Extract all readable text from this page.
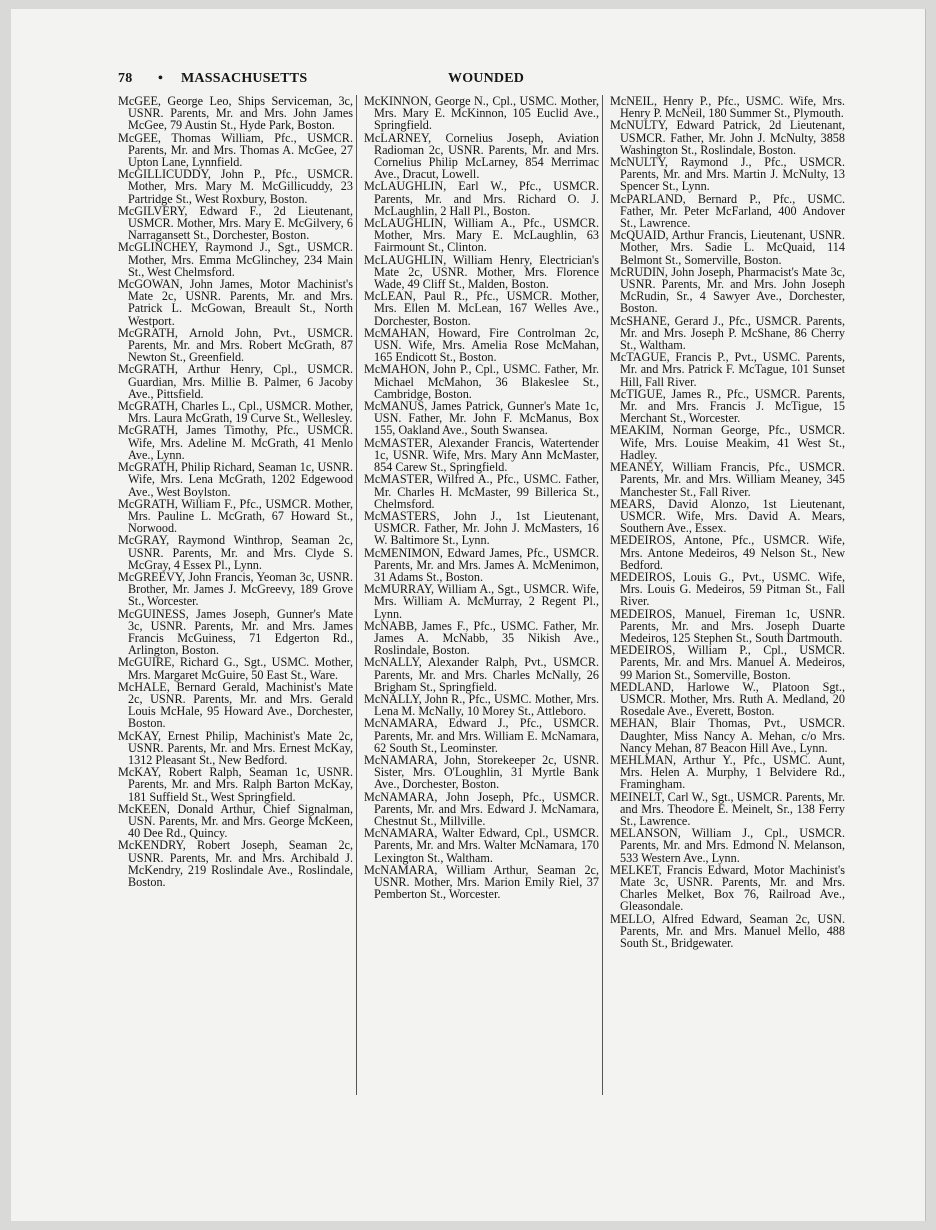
78 • MASSACHUSETTS	WOUNDED

McGEE, George Leo, Ships Serviceman, 3c, USNR. Parents, Mr. and Mrs. John James McGee, 79 Austin St., Hyde Park, Boston.

McGEE, Thomas William, Pfc., USMCR. Parents, Mr. and Mrs. Thomas A. McGee, 27 Upton Lane, Lynnfield.

McGILLICUDDY, John P., Pfc., USMCR. Mother, Mrs. Mary M. McGillicuddy, 23 Partridge St., West Roxbury, Boston.

McGILVERY, Edward F., 2d Lieutenant, USMCR. Mother, Mrs. Mary E. McGilvery, 6 Narragansett St., Dorchester, Boston.

McGLINCHEY, Raymond J., Sgt., USMCR. Mother, Mrs. Emma McGlinchey, 234 Main St., West Chelmsford.

McGOWAN, John James, Motor Machinist's Mate 2c, USNR. Parents, Mr. and Mrs. Patrick L. McGowan, Breault St., North Westport.

McGRATH, Arnold John, Pvt., USMCR. Parents, Mr. and Mrs. Robert McGrath, 87 Newton St., Greenfield.

McGRATH, Arthur Henry, Cpl., USMCR. Guardian, Mrs. Millie B. Palmer, 6 Jacoby Ave., Pittsfield.

McGRATH, Charles L., Cpl., USMCR. Mother, Mrs. Laura McGrath, 19 Curve St., Wellesley.

McGRATH, James Timothy, Pfc., USMCR. Wife, Mrs. Adeline M. McGrath, 41 Menlo Ave., Lynn.

McGRATH, Philip Richard, Seaman 1c, USNR. Wife, Mrs. Lena McGrath, 1202 Edgewood Ave., West Boylston.

McGRATH, William F., Pfc., USMCR. Mother, Mrs. Pauline L. McGrath, 67 Howard St., Norwood.

McGRAY, Raymond Winthrop, Seaman 2c, USNR. Parents, Mr. and Mrs. Clyde S. McGray, 4 Essex Pl., Lynn.

McGREEVY, John Francis, Yeoman 3c, USNR. Brother, Mr. James J. McGreevy, 189 Grove St., Worcester.

McGUINESS, James Joseph, Gunner's Mate 3c, USNR. Parents, Mr. and Mrs. James Francis McGuiness, 71 Edgerton Rd., Arlington, Boston.

McGUIRE, Richard G., Sgt., USMC. Mother, Mrs. Margaret McGuire, 50 East St., Ware.

McHALE, Bernard Gerald, Machinist's Mate 2c, USNR. Parents, Mr. and Mrs. Gerald Louis McHale, 95 Howard Ave., Dorchester, Boston.

McKAY, Ernest Philip, Machinist's Mate 2c, USNR. Parents, Mr. and Mrs. Ernest McKay, 1312 Pleasant St., New Bedford.

McKAY, Robert Ralph, Seaman 1c, USNR. Parents, Mr. and Mrs. Ralph Barton McKay, 181 Suffield St., West Springfield.

McKEEN, Donald Arthur, Chief Signalman, USN. Parents, Mr. and Mrs. George McKeen, 40 Dee Rd., Quincy.

McKENDRY, Robert Joseph, Seaman 2c, USNR. Parents, Mr. and Mrs. Archibald J. McKendry, 219 Roslindale Ave., Roslindale, Boston.

McKINNON, George N., Cpl., USMC. Mother, Mrs. Mary E. McKinnon, 105 Euclid Ave., Springfield.

McLARNEY, Cornelius Joseph, Aviation Radioman 2c, USNR. Parents, Mr. and Mrs. Cornelius Philip McLarney, 854 Merrimac Ave., Dracut, Lowell.

McLAUGHLIN, Earl W., Pfc., USMCR. Parents, Mr. and Mrs. Richard O. J. McLaughlin, 2 Hall Pl., Boston.

McLAUGHLIN, William A., Pfc., USMCR. Mother, Mrs. Mary E. McLaughlin, 63 Fairmount St., Clinton.

McLAUGHLIN, William Henry, Electrician's Mate 2c, USNR. Mother, Mrs. Florence Wade, 49 Cliff St., Malden, Boston.

McLEAN, Paul R., Pfc., USMCR. Mother, Mrs. Ellen M. McLean, 167 Welles Ave., Dorchester, Boston.

McMAHAN, Howard, Fire Controlman 2c, USN. Wife, Mrs. Amelia Rose McMahan, 165 Endicott St., Boston.

McMAHON, John P., Cpl., USMC. Father, Mr. Michael McMahon, 36 Blakeslee St., Cambridge, Boston.

McMANUS, James Patrick, Gunner's Mate 1c, USN. Father, Mr. John F. McManus, Box 155, Oakland Ave., South Swansea.

McMASTER, Alexander Francis, Watertender 1c, USNR. Wife, Mrs. Mary Ann McMaster, 854 Carew St., Springfield.

McMASTER, Wilfred A., Pfc., USMC. Father, Mr. Charles H. McMaster, 99 Billerica St., Chelmsford.

McMASTERS, John J., 1st Lieutenant, USMCR. Father, Mr. John J. McMasters, 16 W. Baltimore St., Lynn.

McMENIMON, Edward James, Pfc., USMCR. Parents, Mr. and Mrs. James A. McMenimon, 31 Adams St., Boston.

McMURRAY, William A., Sgt., USMCR. Wife, Mrs. William A. McMurray, 2 Regent Pl., Lynn.

McNABB, James F., Pfc., USMC. Father, Mr. James A. McNabb, 35 Nikish Ave., Roslindale, Boston.

McNALLY, Alexander Ralph, Pvt., USMCR. Parents, Mr. and Mrs. Charles McNally, 26 Brigham St., Springfield.

McNALLY, John R., Pfc., USMC. Mother, Mrs. Lena M. McNally, 10 Morey St., Attleboro.

McNAMARA, Edward J., Pfc., USMCR. Parents, Mr. and Mrs. William E. McNamara, 62 South St., Leominster.

McNAMARA, John, Storekeeper 2c, USNR. Sister, Mrs. O'Loughlin, 31 Myrtle Bank Ave., Dorchester, Boston.

McNAMARA, John Joseph, Pfc., USMCR. Parents, Mr. and Mrs. Edward J. McNamara, Chestnut St., Millville.

McNAMARA, Walter Edward, Cpl., USMCR. Parents, Mr. and Mrs. Walter McNamara, 170 Lexington St., Waltham.

McNAMARA, William Arthur, Seaman 2c, USNR. Mother, Mrs. Marion Emily Riel, 37 Pemberton St., Worcester.

McNEIL, Henry P., Pfc., USMC. Wife, Mrs. Henry P. McNeil, 180 Summer St., Plymouth.

McNULTY, Edward Patrick, 2d Lieutenant, USMCR. Father, Mr. John J. McNulty, 3858 Washington St., Roslindale, Boston.

McNULTY, Raymond J., Pfc., USMCR. Parents, Mr. and Mrs. Martin J. McNulty, 13 Spencer St., Lynn.

McPARLAND, Bernard P., Pfc., USMC. Father, Mr. Peter McFarland, 400 Andover St., Lawrence.

McQUAID, Arthur Francis, Lieutenant, USNR. Mother, Mrs. Sadie L. McQuaid, 114 Belmont St., Somerville, Boston.

McRUDIN, John Joseph, Pharmacist's Mate 3c, USNR. Parents, Mr. and Mrs. John Joseph McRudin, Sr., 4 Sawyer Ave., Dorchester, Boston.

McSHANE, Gerard J., Pfc., USMCR. Parents, Mr. and Mrs. Joseph P. McShane, 86 Cherry St., Waltham.

McTAGUE, Francis P., Pvt., USMC. Parents, Mr. and Mrs. Patrick F. McTague, 101 Sunset Hill, Fall River.

McTIGUE, James R., Pfc., USMCR. Parents, Mr. and Mrs. Francis J. McTigue, 15 Merchant St., Worcester.

MEAKIM, Norman George, Pfc., USMCR. Wife, Mrs. Louise Meakim, 41 West St., Hadley.

MEANEY, William Francis, Pfc., USMCR. Parents, Mr. and Mrs. William Meaney, 345 Manchester St., Fall River.

MEARS, David Alonzo, 1st Lieutenant, USMCR. Wife, Mrs. David A. Mears, Southern Ave., Essex.

MEDEIROS, Antone, Pfc., USMCR. Wife, Mrs. Antone Medeiros, 49 Nelson St., New Bedford.

MEDEIROS, Louis G., Pvt., USMC. Wife, Mrs. Louis G. Medeiros, 59 Pitman St., Fall River.

MEDEIROS, Manuel, Fireman 1c, USNR. Parents, Mr. and Mrs. Joseph Duarte Medeiros, 125 Stephen St., South Dartmouth.

MEDEIROS, William P., Cpl., USMCR. Parents, Mr. and Mrs. Manuel A. Medeiros, 99 Marion St., Somerville, Boston.

MEDLAND, Harlowe W., Platoon Sgt., USMCR. Mother, Mrs. Ruth A. Medland, 20 Rosedale Ave., Everett, Boston.

MEHAN, Blair Thomas, Pvt., USMCR. Daughter, Miss Nancy A. Mehan, c/o Mrs. Nancy Mehan, 87 Beacon Hill Ave., Lynn.

MEHLMAN, Arthur Y., Pfc., USMC. Aunt, Mrs. Helen A. Murphy, 1 Belvidere Rd., Framingham.

MEINELT, Carl W., Sgt., USMCR. Parents, Mr. and Mrs. Theodore E. Meinelt, Sr., 138 Ferry St., Lawrence.

MELANSON, William J., Cpl., USMCR. Parents, Mr. and Mrs. Edmond N. Melanson, 533 Western Ave., Lynn.

MELKET, Francis Edward, Motor Machinist's Mate 3c, USNR. Parents, Mr. and Mrs. Charles Melket, Box 76, Railroad Ave., Gleasondale.

MELLO, Alfred Edward, Seaman 2c, USN. Parents, Mr. and Mrs. Manuel Mello, 488 South St., Bridgewater.
